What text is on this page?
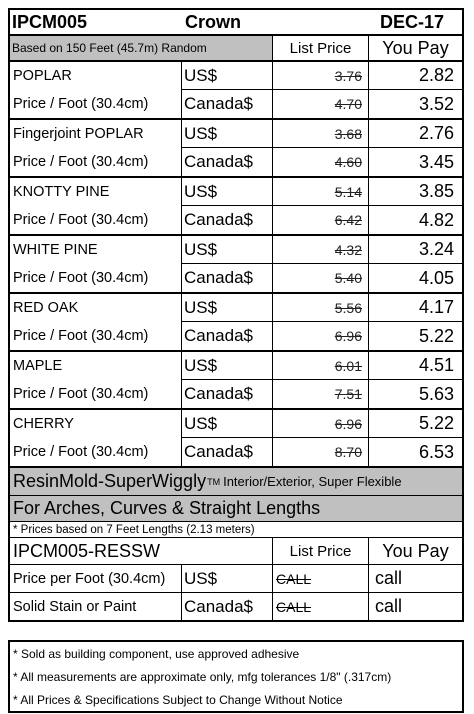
IPCM005	Crown	DEC-17
Based on 150 Feet (45.7m) Random	List Price	You Pay
POPLAR	US$	3.76	2.82
Price / Foot (30.4cm)	Canada$	4.70	3.52
Fingerjoint POPLAR	US$	3.68	2.76
Price / Foot (30.4cm)	Canada$	4.60	3.45
KNOTTY PINE	US$	5.14	3.85
Price / Foot (30.4cm)	Canada$	6.42	4.82
WHITE PINE	US$	4.32	3.24
Price / Foot (30.4cm)	Canada$	5.40	4.05
RED OAK	US$	5.56	4.17
Price / Foot (30.4cm)	Canada$	6.96	5.22
MAPLE	US$	6.01	4.51
Price / Foot (30.4cm)	Canada$	7.51	5.63
CHERRY	US$	6.96	5.22
Price / Foot (30.4cm)	Canada$	8.70	6.53
ResinMold-SuperWiggly TM Interior/Exterior, Super Flexible
For Arches, Curves & Straight Lengths
* Prices based on 7 Feet Lengths (2.13 meters)
IPCM005-RESSW	List Price	You Pay
Price per Foot (30.4cm)	US$	CALL	call
Solid Stain or Paint	Canada$	CALL	call
* Sold as building component, use approved adhesive
* All measurements are approximate only, mfg tolerances 1/8" (.317cm)
* All Prices & Specifications Subject to Change Without Notice
